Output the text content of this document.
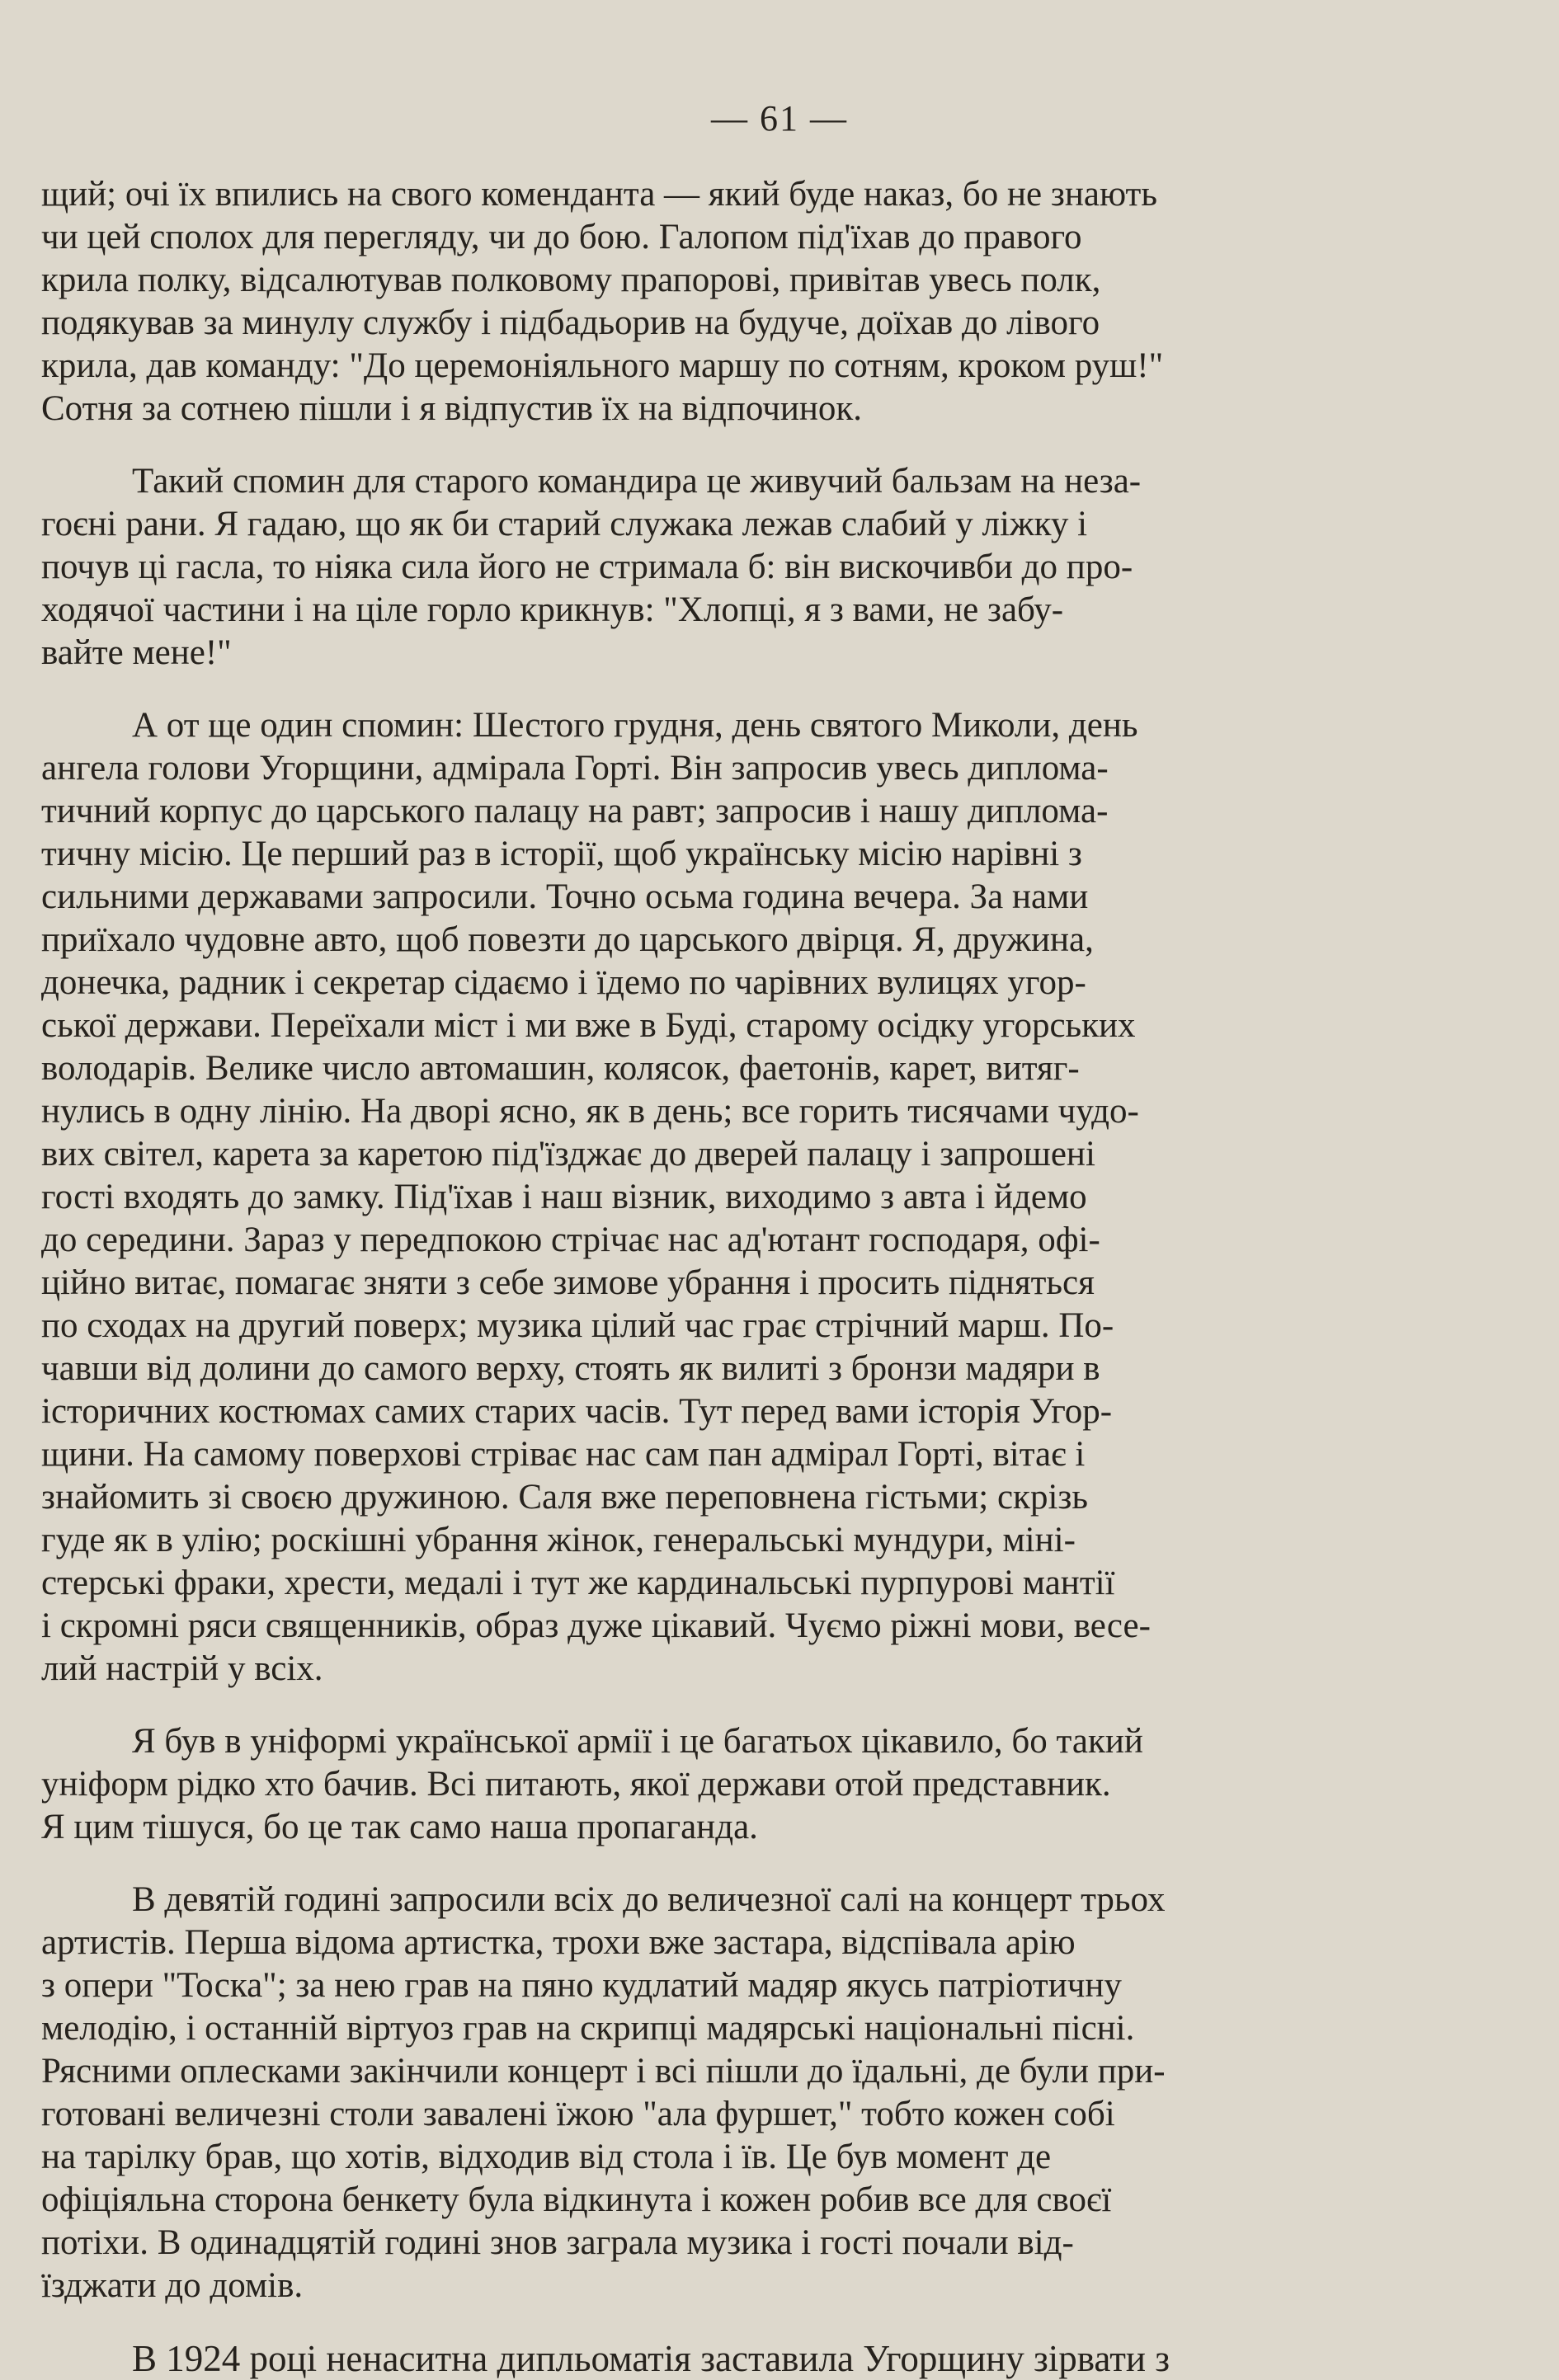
— 61 —
щий; очі їх впились на свого коменданта — який буде наказ, бо не знають
чи цей сполох для перегляду, чи до бою. Галопом під'їхав до правого
крила полку, відсалютував полковому прапорові, привітав увесь полк,
подякував за минулу службу і підбадьорив на будуче, доїхав до лівого
крила, дав команду: "До церемоніяльного маршу по сотням, кроком руш!"
Сотня за сотнею пішли і я відпустив їх на відпочинок.
Такий спомин для старого командира це живучий бальзам на неза-
гоєні рани. Я гадаю, що як би старий служака лежав слабий у ліжку і
почув ці гасла, то ніяка сила його не стримала б: він вискочивби до про-
ходячої частини і на ціле горло крикнув: "Хлопці, я з вами, не забу-
вайте мене!"
А от ще один спомин: Шестого грудня, день святого Миколи, день
ангела голови Угорщини, адмірала Горті. Він запросив увесь диплома-
тичний корпус до царського палацу на равт; запросив і нашу диплома-
тичну місію. Це перший раз в історії, щоб українську місію нарівні з
сильними державами запросили. Точно осьма година вечера. За нами
приїхало чудовне авто, щоб повезти до царського двірця. Я, дружина,
донечка, радник і секретар сідаємо і їдемо по чарівних вулицях угор-
ської держави. Переїхали міст і ми вже в Буді, старому осідку угорських
володарів. Велике число автомашин, колясок, фаетонів, карет, витяг-
нулись в одну лінію. На дворі ясно, як в день; все горить тисячами чудо-
вих світел, карета за каретою під'їзджає до дверей палацу і запрошені
гості входять до замку. Під'їхав і наш візник, виходимо з авта і йдемо
до середини. Зараз у передпокою стрічає нас ад'ютант господаря, офі-
ційно витає, помагає зняти з себе зимове убрання і просить підняться
по сходах на другий поверх; музика цілий час грає стрічний марш. По-
чавши від долини до самого верху, стоять як вилиті з бронзи мадяри в
історичних костюмах самих старих часів. Тут перед вами історія Угор-
щини. На самому поверхові стріває нас сам пан адмірал Горті, вітає і
знайомить зі своєю дружиною. Саля вже переповнена гістьми; скрізь
гуде як в улію; роскішні убрання жінок, генеральські мундури, міні-
стерські фраки, хрести, медалі і тут же кардинальські пурпурові мантії
і скромні ряси священників, образ дуже цікавий. Чуємо ріжні мови, весе-
лий настрій у всіх.
Я був в уніформі української армії і це багатьох цікавило, бо такий
уніформ рідко хто бачив. Всі питають, якої держави отой представник.
Я цим тішуся, бо це так само наша пропаганда.
В девятій годині запросили всіх до величезної салі на концерт трьох
артистів. Перша відома артистка, трохи вже застара, відспівала арію
з опери "Тоска"; за нею грав на пяно кудлатий мадяр якусь патріотичну
мелодію, і останній віртуоз грав на скрипці мадярські національні пісні.
Рясними оплесками закінчили концерт і всі пішли до їдальні, де були при-
готовані величезні столи завалені їжою "ала фуршет," тобто кожен собі
на тарілку брав, що хотів, відходив від стола і їв. Це був момент де
офіціяльна сторона бенкету була відкинута і кожен робив все для своєї
потіхи. В одинадцятій годині знов заграла музика і гості почали від-
їзджати до домів.
В 1924 році ненаситна дипльоматія заставила Угорщину зірвати з
